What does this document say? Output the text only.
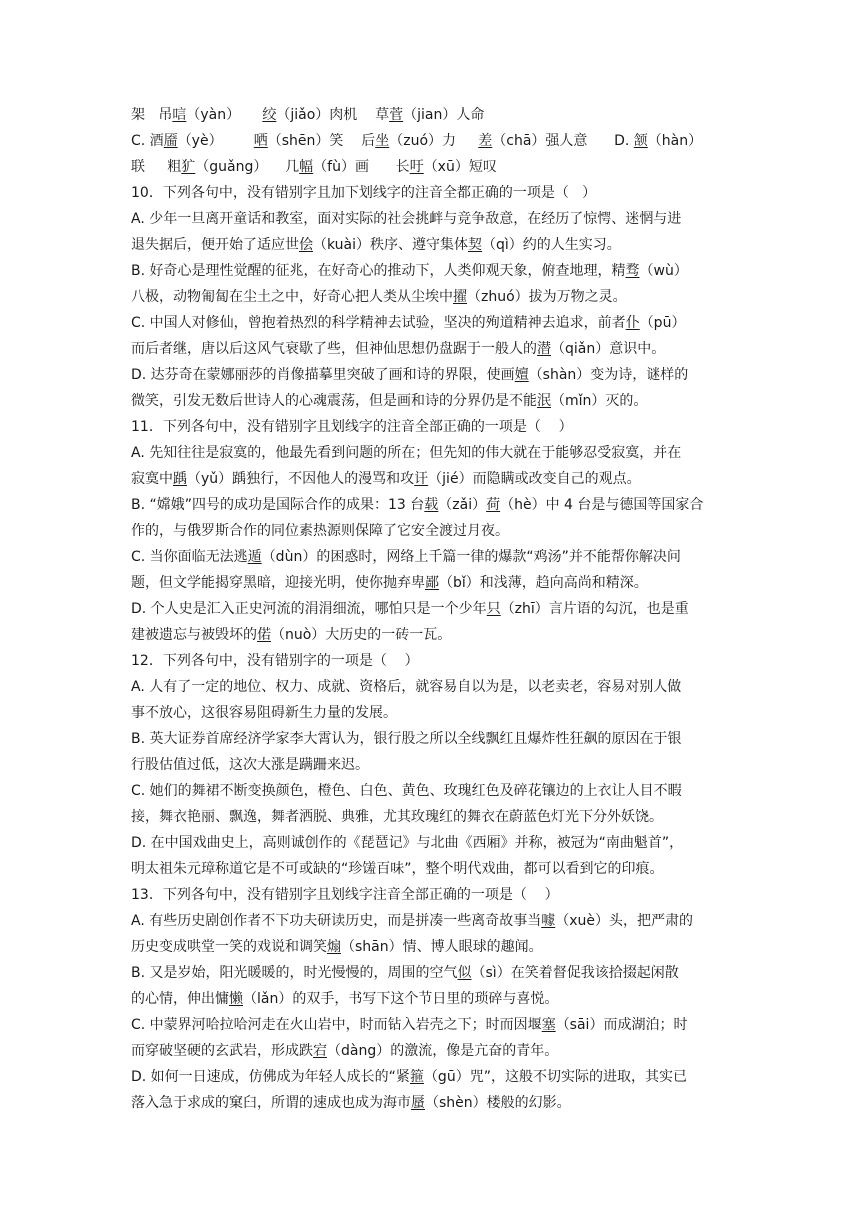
架   吊唁（yàn）     绞（jiǎo）肉机    草菅（jian）人命
C. 酒靥（yè）       哂（shēn）笑    后坐（zuó）力     差（chā）强人意      D. 颔（hàn）
联     粗犷（guǎng）    几幅（fù）画      长吁（xū）短叹
10．下列各句中，没有错别字且加下划线字的注音全都正确的一项是（   ）
A. 少年一旦离开童话和教室，面对实际的社会挑衅与竞争敌意，在经历了惊愕、迷惘与进
退失据后，便开始了适应世侩（kuài）秩序、遵守集体契（qì）约的人生实习。
B. 好奇心是理性觉醒的征兆，在好奇心的推动下，人类仰观天象，俯查地理，精骛（wù）
八极，动物匍匐在尘土之中，好奇心把人类从尘埃中擢（zhuó）拔为万物之灵。
C. 中国人对修仙，曾抱着热烈的科学精神去试验，坚决的殉道精神去追求，前者仆（pū）
而后者继，唐以后这风气衰歇了些，但神仙思想仍盘踞于一般人的潜（qiǎn）意识中。
D. 达芬奇在蒙娜丽莎的肖像描摹里突破了画和诗的界限，使画嬗（shàn）变为诗，谜样的
微笑，引发无数后世诗人的心魂震荡，但是画和诗的分界仍是不能泯（mǐn）灭的。
11．下列各句中，没有错别字且划线字的注音全部正确的一项是（    ）
A. 先知往往是寂寞的，他最先看到问题的所在；但先知的伟大就在于能够忍受寂寞，并在
寂寞中踽（yǔ）踽独行，不因他人的漫骂和攻讦（jié）而隐瞒或改变自己的观点。
B. “嫦娥”四号的成功是国际合作的成果：13 台载（zǎi）荷（hè）中 4 台是与德国等国家合
作的，与俄罗斯合作的同位素热源则保障了它安全渡过月夜。
C. 当你面临无法逃遁（dùn）的困惑时，网络上千篇一律的爆款“鸡汤”并不能帮你解决问
题，但文学能揭穿黑暗，迎接光明，使你抛弃卑鄙（bǐ）和浅薄，趋向高尚和精深。
D. 个人史是汇入正史河流的涓涓细流，哪怕只是一个少年只（zhī）言片语的勾沉，也是重
建被遗忘与被毁坏的偌（nuò）大历史的一砖一瓦。
12．下列各句中，没有错别字的一项是（    ）
A. 人有了一定的地位、权力、成就、资格后，就容易自以为是，以老卖老，容易对别人做
事不放心，这很容易阻碍新生力量的发展。
B. 英大证券首席经济学家李大霄认为，银行股之所以全线飘红且爆炸性狂飙的原因在于银
行股估值过低，这次大涨是蹒跚来迟。
C. 她们的舞裙不断变换颜色，橙色、白色、黄色、玫瑰红色及碎花镶边的上衣让人目不暇
接，舞衣艳丽、飘逸，舞者洒脱、典雅，尤其玫瑰红的舞衣在蔚蓝色灯光下分外妖饶。
D. 在中国戏曲史上，高则诚创作的《琵琶记》与北曲《西厢》并称，被冠为“南曲魁首”，
明太祖朱元璋称道它是不可或缺的“珍馐百味”，整个明代戏曲，都可以看到它的印痕。
13．下列各句中，没有错别字且划线字注音全部正确的一项是（    ）
A. 有些历史剧创作者不下功夫研读历史，而是拼凑一些离奇故事当噱（xuè）头，把严肃的
历史变成哄堂一笑的戏说和调笑煽（shān）情、博人眼球的趣闻。
B. 又是岁始，阳光暖暖的，时光慢慢的，周围的空气似（sì）在笑着督促我该拾掇起闲散
的心情，伸出慵懒（lǎn）的双手，书写下这个节日里的琐碎与喜悦。
C. 中蒙界河哈拉哈河走在火山岩中，时而钻入岩壳之下；时而因堰塞（sāi）而成湖泊；时
而穿破坚硬的玄武岩，形成跌宕（dàng）的激流，像是亢奋的青年。
D. 如何一日速成，仿佛成为年轻人成长的“紧箍（gū）咒”，这般不切实际的进取，其实已
落入急于求成的窠臼，所谓的速成也成为海市蜃（shèn）楼般的幻影。
